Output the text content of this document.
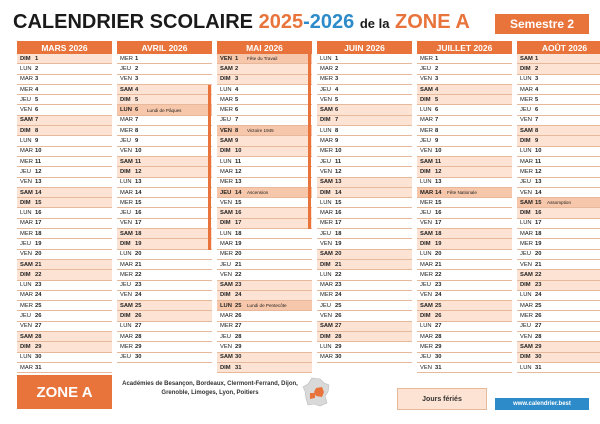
CALENDRIER SCOLAIRE 2025-2026 de la ZONE A	Semestre 2
MARS 2026
DIM 1
LUN 2
MAR 3
MER 4
JEU 5
VEN 6
SAM 7
DIM 8
LUN 9
MAR 10
MER 11
JEU 12
VEN 13
SAM 14
DIM 15
LUN 16
MAR 17
MER 18
JEU 19
VEN 20
SAM 21
DIM 22
LUN 23
MAR 24
MER 25
JEU 26
VEN 27
SAM 28
DIM 29
LUN 30
MAR 31
AVRIL 2026
MER 1
JEU 2
VEN 3
SAM 4
DIM 5
LUN 6	Lundi de Pâques
MAR 7
MER 8
JEU 9
VEN 10
SAM 11
DIM 12
LUN 13
MAR 14
MER 15
JEU 16
VEN 17
SAM 18
DIM 19
LUN 20
MAR 21
MER 22
JEU 23
VEN 24
SAM 25
DIM 26
LUN 27
MAR 28
MER 29
JEU 30
MAI 2026
VEN 1	Fête du Travail
SAM 2
DIM 3
LUN 4
MAR 5
MER 6
JEU 7
VEN 8	Victoire 1945
SAM 9
DIM 10
LUN 11
MAR 12
MER 13
JEU 14	Ascension
VEN 15
SAM 16
DIM 17
LUN 18
MAR 19
MER 20
JEU 21
VEN 22
SAM 23
DIM 24
LUN 25	Lundi de Pentecôte
MAR 26
MER 27
JEU 28
VEN 29
SAM 30
DIM 31
JUIN 2026
LUN 1
MAR 2
MER 3
JEU 4
VEN 5
SAM 6
DIM 7
LUN 8
MAR 9
MER 10
JEU 11
VEN 12
SAM 13
DIM 14
LUN 15
MAR 16
MER 17
JEU 18
VEN 19
SAM 20
DIM 21
LUN 22
MAR 23
MER 24
JEU 25
VEN 26
SAM 27
DIM 28
LUN 29
MAR 30
JUILLET 2026
MER 1
JEU 2
VEN 3
SAM 4
DIM 5
LUN 6
MAR 7
MER 8
JEU 9
VEN 10
SAM 11
DIM 12
LUN 13
MAR 14	Fête Nationale
MER 15
JEU 16
VEN 17
SAM 18
DIM 19
LUN 20
MAR 21
MER 22
JEU 23
VEN 24
SAM 25
DIM 26
LUN 27
MAR 28
MER 29
JEU 30
VEN 31
AOÛT 2026
SAM 1
DIM 2
LUN 3
MAR 4
MER 5
JEU 6
VEN 7
SAM 8
DIM 9
LUN 10
MAR 11
MER 12
JEU 13
VEN 14
SAM 15	Assomption
DIM 16
LUN 17
MAR 18
MER 19
JEU 20
VEN 21
SAM 22
DIM 23
LUN 24
MAR 25
MER 26
JEU 27
VEN 28
SAM 29
DIM 30
LUN 31
ZONE A	Académies de Besançon, Bordeaux, Clermont-Ferrand, Dijon,
Grenoble, Limoges, Lyon, Poitiers
Jours fériés
www.calendrier.best
